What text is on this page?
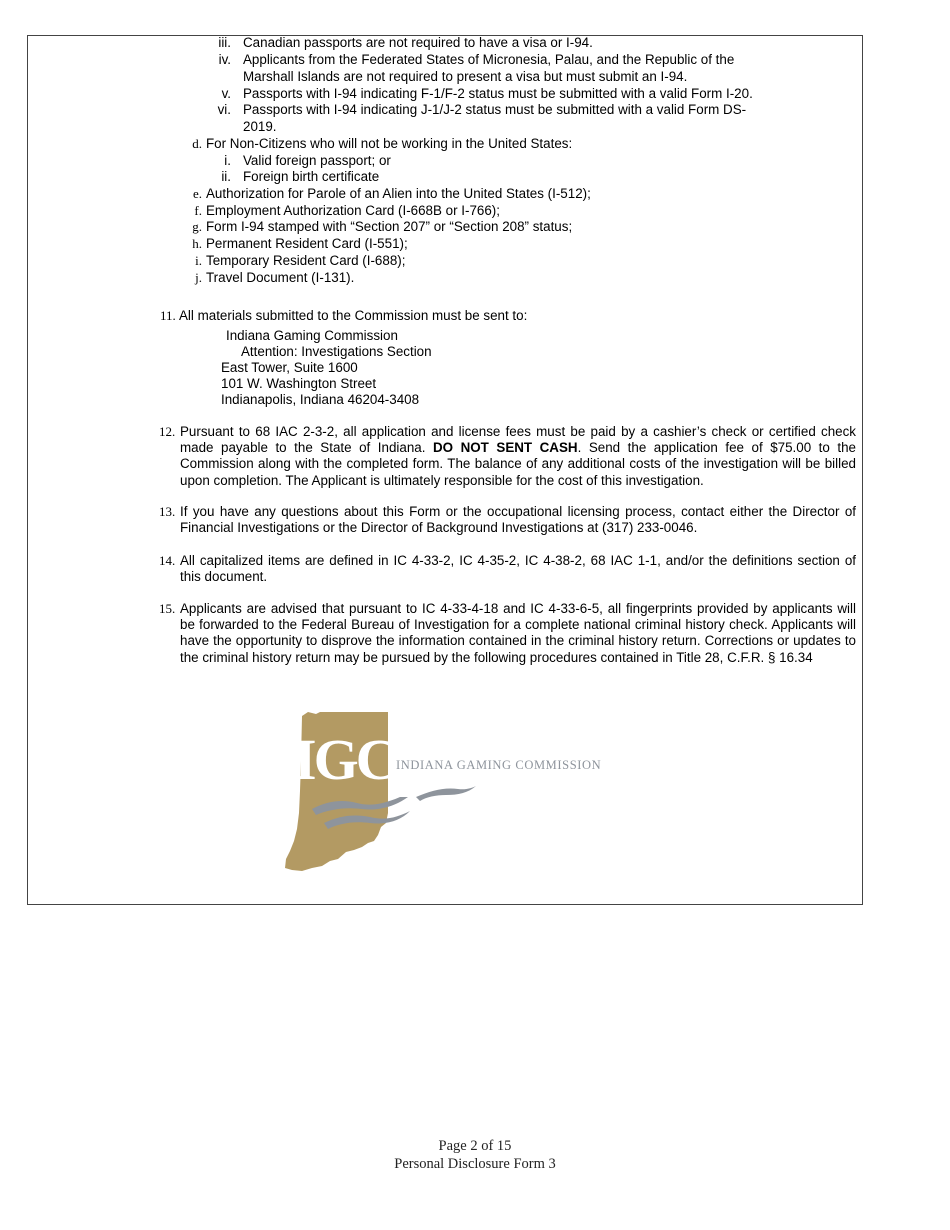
iii. Canadian passports are not required to have a visa or I-94.
iv. Applicants from the Federated States of Micronesia, Palau, and the Republic of the
Marshall Islands are not required to present a visa but must submit an I-94.
v. Passports with I-94 indicating F-1/F-2 status must be submitted with a valid Form I-20.
vi. Passports with I-94 indicating J-1/J-2 status must be submitted with a valid Form DS-
2019.
d. For Non-Citizens who will not be working in the United States:
i. Valid foreign passport; or
ii. Foreign birth certificate
e. Authorization for Parole of an Alien into the United States (I-512);
f. Employment Authorization Card (I-668B or I-766);
g. Form I-94 stamped with “Section 207” or “Section 208” status;
h. Permanent Resident Card (I-551);
i. Temporary Resident Card (I-688);
j. Travel Document (I-131).
11. All materials submitted to the Commission must be sent to:
Indiana Gaming Commission
Attention: Investigations Section
East Tower, Suite 1600
101 W. Washington Street
Indianapolis, Indiana 46204-3408
12. Pursuant to 68 IAC 2-3-2, all application and license fees must be paid by a cashier’s check or certified check made payable to the State of Indiana. DO NOT SENT CASH. Send the application fee of $75.00 to the Commission along with the completed form. The balance of any additional costs of the investigation will be billed upon completion. The Applicant is ultimately responsible for the cost of this investigation.
13. If you have any questions about this Form or the occupational licensing process, contact either the Director of Financial Investigations or the Director of Background Investigations at (317) 233-0046.
14. All capitalized items are defined in IC 4-33-2, IC 4-35-2, IC 4-38-2, 68 IAC 1-1, and/or the definitions section of this document.
15. Applicants are advised that pursuant to IC 4-33-4-18 and IC 4-33-6-5, all fingerprints provided by applicants will be forwarded to the Federal Bureau of Investigation for a complete national criminal history check. Applicants will have the opportunity to disprove the information contained in the criminal history return. Corrections or updates to the criminal history return may be pursued by the following procedures contained in Title 28, C.F.R. § 16.34
IGC INDIANA GAMING COMMISSION
Page 2 of 15
Personal Disclosure Form 3
